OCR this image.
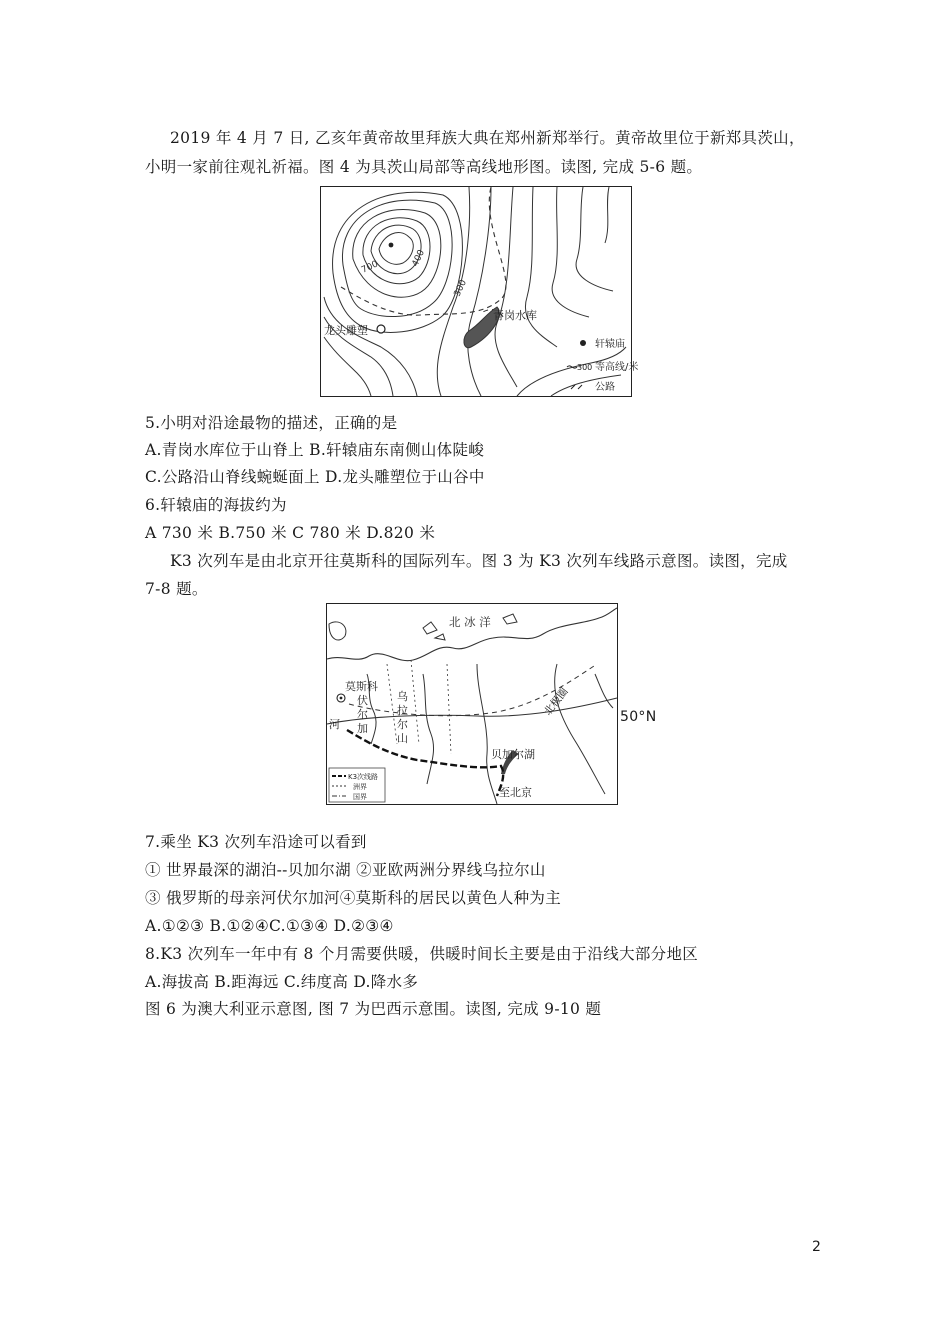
2019 年 4 月 7 日, 乙亥年黄帝故里拜族大典在郑州新郑举行。黄帝故里位于新郑具茨山，
小明一家前往观礼祈福。图 4 为具茨山局部等高线地形图。读图, 完成 5-6 题。
700	400
300
青岗水库
龙头雕塑
轩辕庙
300 等高线/米
公路
5.小明对沿途最物的描述，正确的是
A.青岗水库位于山脊上 B.轩辕庙东南侧山体陡峻
C.公路沿山脊线蜿蜒面上 D.龙头雕塑位于山谷中
6.轩辕庙的海拔约为
A 730 米 B.750 米 C 780 米 D.820 米
K3 次列车是由北京开往莫斯科的国际列车。图 3 为 K3 次列车线路示意图。读图，完成
7-8 题。
北 冰 洋
莫斯科
伏
尔
加
乌
拉
尔
山
河
北极圈
贝加尔湖
至北京
K3次线路
洲界
国界
50°N
7.乘坐 K3 次列车沿途可以看到
① 世界最深的湖泊--贝加尔湖 ②亚欧两洲分界线乌拉尔山
③ 俄罗斯的母亲河伏尔加河④莫斯科的居民以黄色人种为主
A.①②③ B.①②④C.①③④ D.②③④
8.K3 次列车一年中有 8 个月需要供暖，供暖时间长主要是由于沿线大部分地区
A.海拔高 B.距海远 C.纬度高 D.降水多
图 6 为澳大利亚示意图, 图 7 为巴西示意围。读图, 完成 9-10 题
2
